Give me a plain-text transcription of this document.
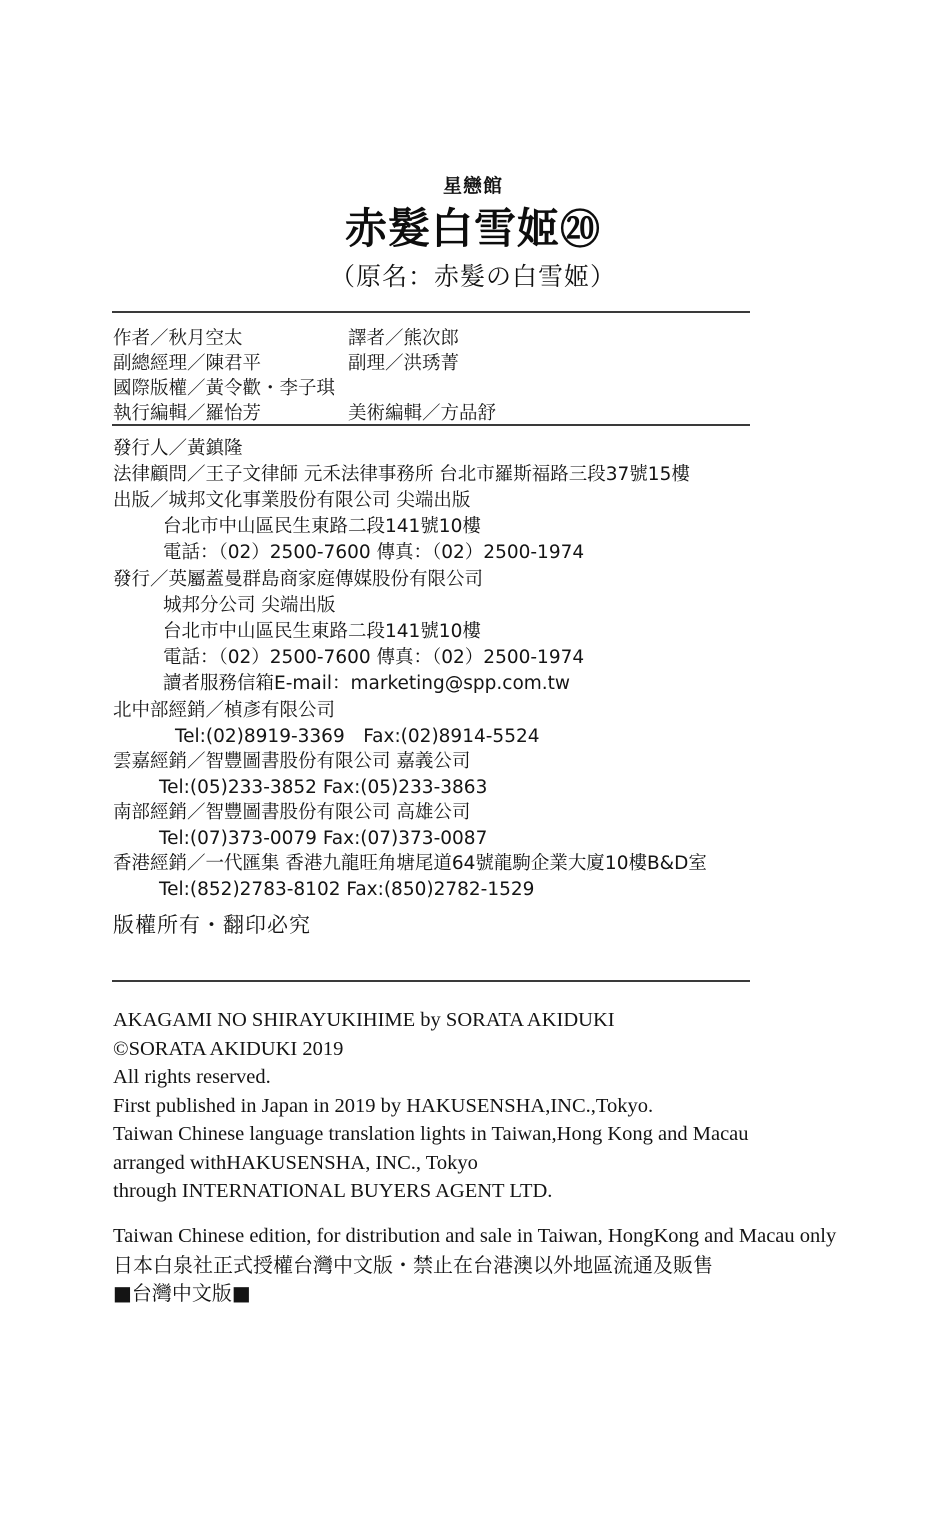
星戀館
赤髮白雪姬⑳
（原名：赤髮の白雪姬）
作者／秋月空太	譯者／熊次郎
副總經理／陳君平	副理／洪琇菁
國際版權／黃令歡・李子琪
執行編輯／羅怡芳	美術編輯／方品舒
發行人／黃鎮隆
法律顧問／王子文律師 元禾法律事務所 台北市羅斯福路三段37號15樓
出版／城邦文化事業股份有限公司 尖端出版
台北市中山區民生東路二段141號10樓
電話：（02）2500-7600 傳真：（02）2500-1974
發行／英屬蓋曼群島商家庭傳媒股份有限公司
城邦分公司 尖端出版
台北市中山區民生東路二段141號10樓
電話：（02）2500-7600 傳真：（02）2500-1974
讀者服務信箱E-mail：marketing@spp.com.tw
北中部經銷／楨彥有限公司
Tel:(02)8919-3369　Fax:(02)8914-5524
雲嘉經銷／智豐圖書股份有限公司 嘉義公司
Tel:(05)233-3852 Fax:(05)233-3863
南部經銷／智豐圖書股份有限公司 高雄公司
Tel:(07)373-0079 Fax:(07)373-0087
香港經銷／一代匯集 香港九龍旺角塘尾道64號龍駒企業大廈10樓B&D室
Tel:(852)2783-8102 Fax:(850)2782-1529
版權所有・翻印必究
AKAGAMI NO SHIRAYUKIHIME by SORATA AKIDUKI
©SORATA AKIDUKI 2019
All rights reserved.
First published in Japan in 2019 by HAKUSENSHA,INC.,Tokyo.
Taiwan Chinese language translation lights in Taiwan,Hong Kong and Macau
arranged withHAKUSENSHA, INC., Tokyo
through INTERNATIONAL BUYERS AGENT LTD.
Taiwan Chinese edition, for distribution and sale in Taiwan, HongKong and Macau only
日本白泉社正式授權台灣中文版・禁止在台港澳以外地區流通及販售
■台灣中文版■
